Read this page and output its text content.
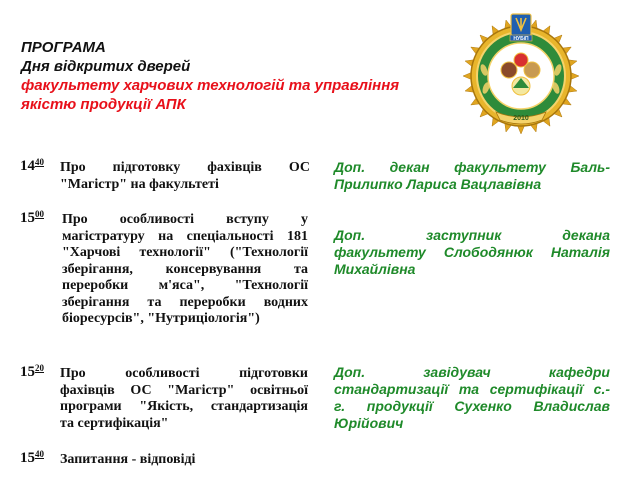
ПРОГРАМА
Дня відкритих дверей
факультету харчових технологій та управління
якістю продукції АПК
НУБіП
2010
$14^{40}$ Про підготовку фахівців ОС
"Магістр" на факультеті
Доп. декан факультету Баль-
Прилипко Лариса Вацлавівна
$15^{00}$ Про особливості вступу у
магістратуру на спеціальності 181
"Харчові технології" ("Технології
зберігання, консервування та
переробки м'яса", "Технології
зберігання та переробки водних
біоресурсів", "Нутриціологія")
Доп. заступник декана
факультету Слободянюк Наталія
Михайлівна
$15^{20}$ Про особливості підготовки
фахівців ОС "Магістр" освітньої
програми "Якість, стандартизація
та сертифікація"
Доп. завідувач кафедри
стандартизації та сертифікації с.-
г. продукції Сухенко Владислав
Юрійович
$15^{40}$ Запитання - відповіді
